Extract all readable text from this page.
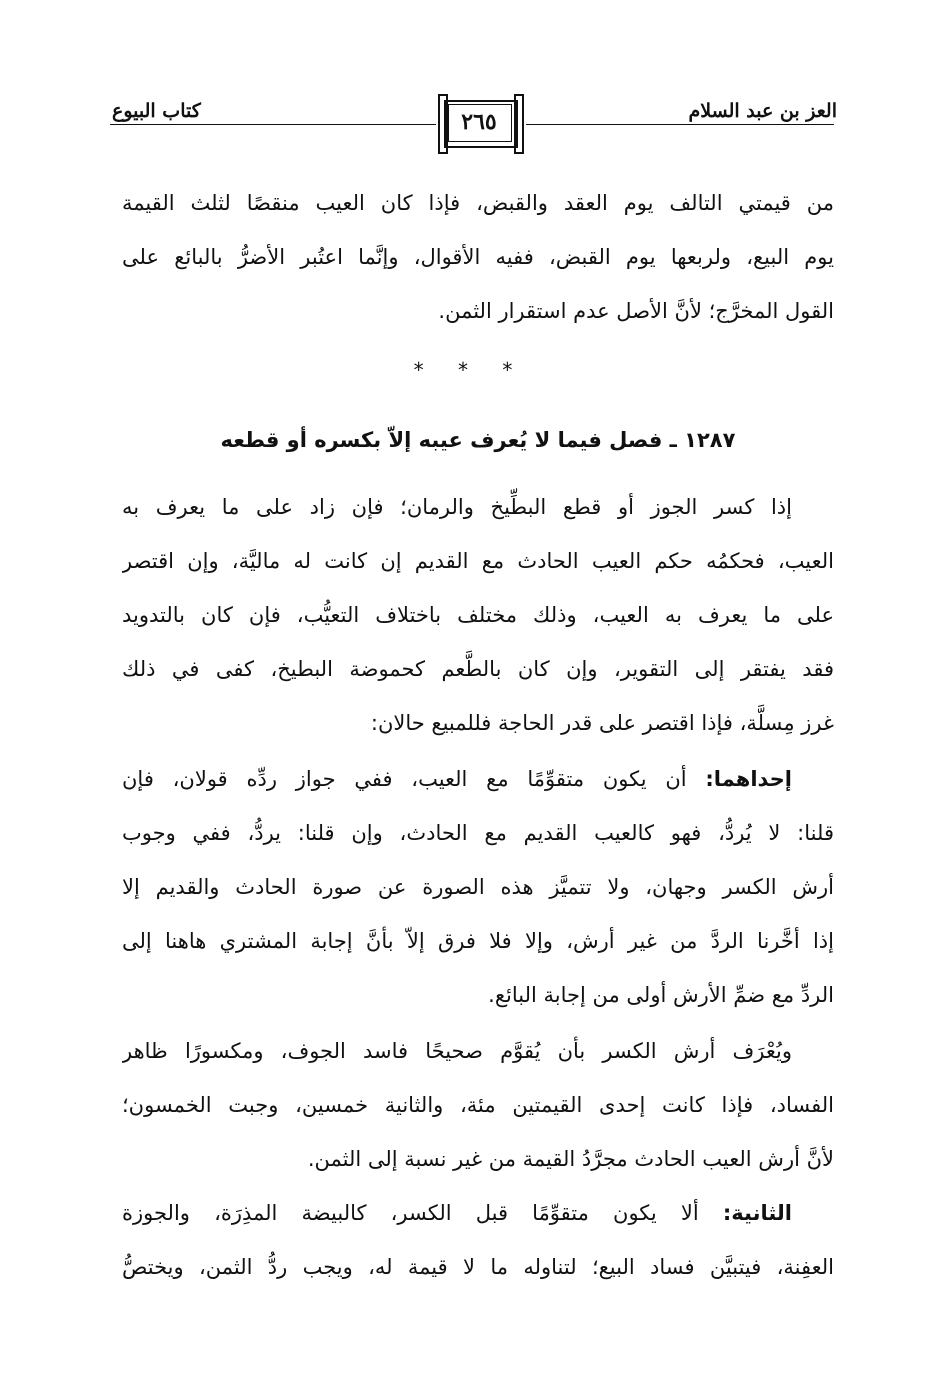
العز بن عبد السلام
كتاب البيوع	٢٦٥
من قيمتي التالف يوم العقد والقبض، فإذا كان العيب منقصًا لثلث القيمة
يوم البيع، ولربعها يوم القبض، ففيه الأقوال، وإنَّما اعتُبر الأضرُّ بالبائع على
القول المخرَّج؛ لأنَّ الأصل عدم استقرار الثمن.
* * *
١٢٨٧ ـ فصل فيما لا يُعرف عيبه إلاّ بكسره أو قطعه
إذا كسر الجوز أو قطع البطِّيخ والرمان؛ فإن زاد على ما يعرف به
العيب، فحكمُه حكم العيب الحادث مع القديم إن كانت له ماليَّة، وإن اقتصر
على ما يعرف به العيب، وذلك مختلف باختلاف التعيُّب، فإن كان بالتدويد
فقد يفتقر إلى التقوير، وإن كان بالطَّعم كحموضة البطيخ، كفى في ذلك
غرز مِسلَّة، فإذا اقتصر على قدر الحاجة فللمبيع حالان:
إحداهما: أن يكون متقوِّمًا مع العيب، ففي جواز ردِّه قولان، فإن
قلنا: لا يُردُّ، فهو كالعيب القديم مع الحادث، وإن قلنا: يردُّ، ففي وجوب
أرش الكسر وجهان، ولا تتميَّز هذه الصورة عن صورة الحادث والقديم إلا
إذا أخَّرنا الردَّ من غير أرش، وإلا فلا فرق إلاّ بأنَّ إجابة المشتري هاهنا إلى
الردِّ مع ضمِّ الأرش أولى من إجابة البائع.
ويُعْرَف أرش الكسر بأن يُقوَّم صحيحًا فاسد الجوف، ومكسورًا ظاهر
الفساد، فإذا كانت إحدى القيمتين مئة، والثانية خمسين، وجبت الخمسون؛
لأنَّ أرش العيب الحادث مجرَّدُ القيمة من غير نسبة إلى الثمن.
الثانية: ألا يكون متقوِّمًا قبل الكسر، كالبيضة المذِرَة، والجوزة
العفِنة، فيتبيَّن فساد البيع؛ لتناوله ما لا قيمة له، ويجب ردُّ الثمن، ويختصُّ
